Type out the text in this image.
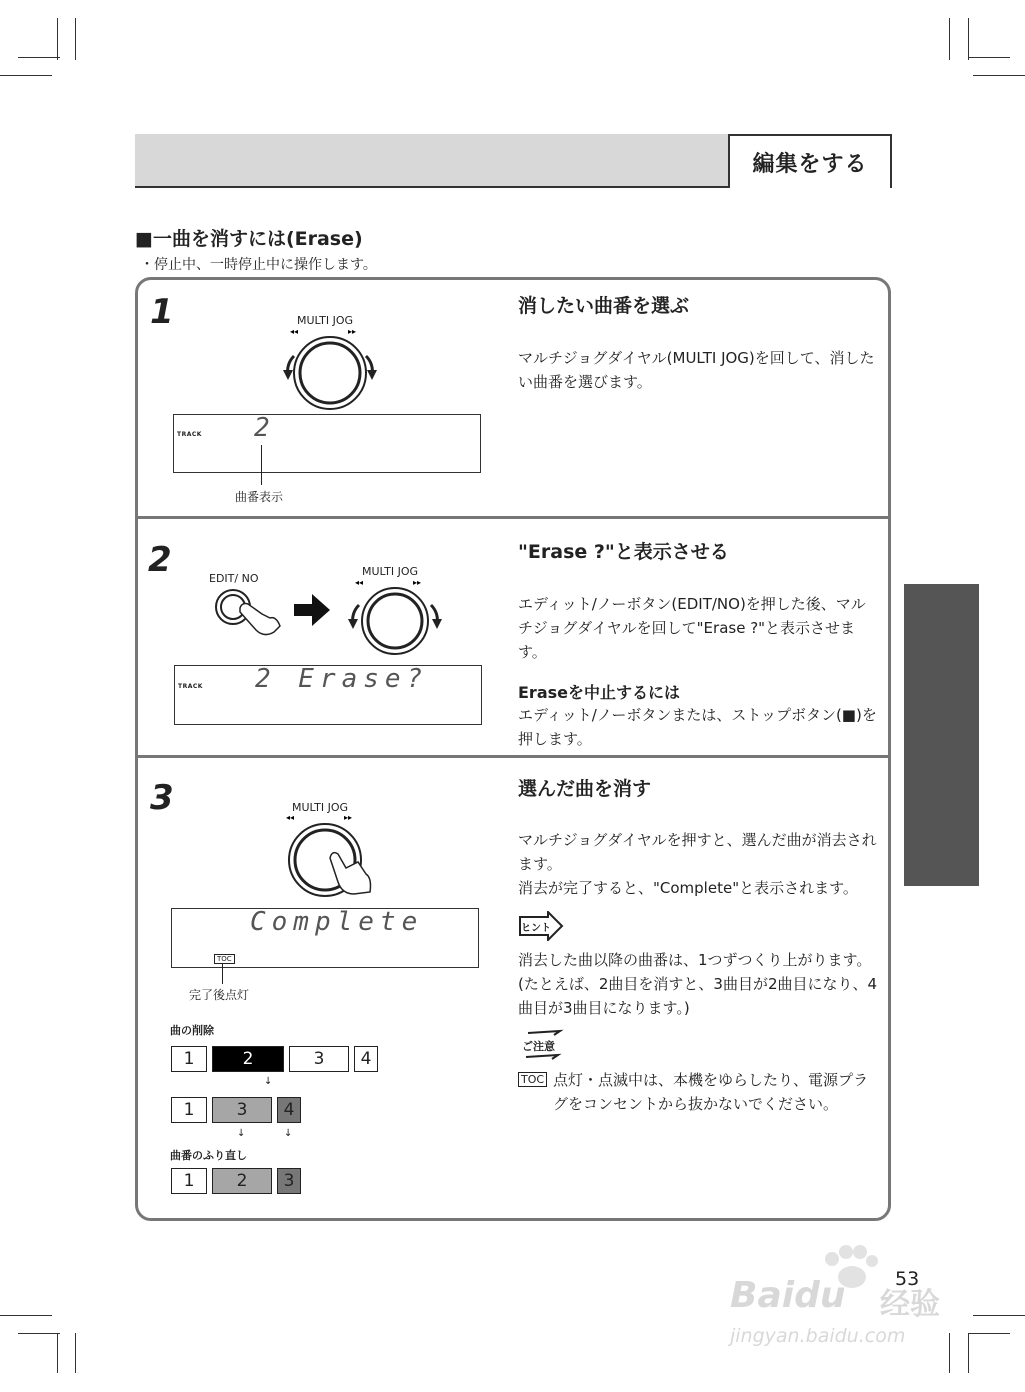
編集をする
■一曲を消すには(Erase)
・停止中、一時停止中に操作します。
1	MULTI JOG
◂◂	▸▸
TRACK 2
曲番表示
消したい曲番を選ぶ
マルチジョグダイヤル(MULTI JOG)を回して、消したい曲番を選びます。
2	EDIT/ NO
MULTI JOG
◂◂	▸▸
TRACK 2 Erase?
"Erase ?"と表示させる
エディット/ノーボタン(EDIT/NO)を押した後、マルチジョグダイヤルを回して"Erase ?"と表示させます。
Eraseを中止するには
エディット/ノーボタンまたは、ストップボタン(■)を押します。
3	MULTI JOG
◂◂	▸▸
Complete
TOC
完了後点灯
曲の削除
1	2	3	4
↓
1	3	4
↓	↓
曲番のふり直し
1	2	3
選んだ曲を消す
マルチジョグダイヤルを押すと、選んだ曲が消去されます。
消去が完了すると、"Complete"と表示されます。
ヒント
消去した曲以降の曲番は、1つずつくり上がります。(たとえば、2曲目を消すと、3曲目が2曲目になり、4曲目が3曲目になります。)
ご注意
TOC 点灯・点滅中は、本機をゆらしたり、電源プラグをコンセントから抜かないでください。
53
Baidu 经验
jingyan.baidu.com
